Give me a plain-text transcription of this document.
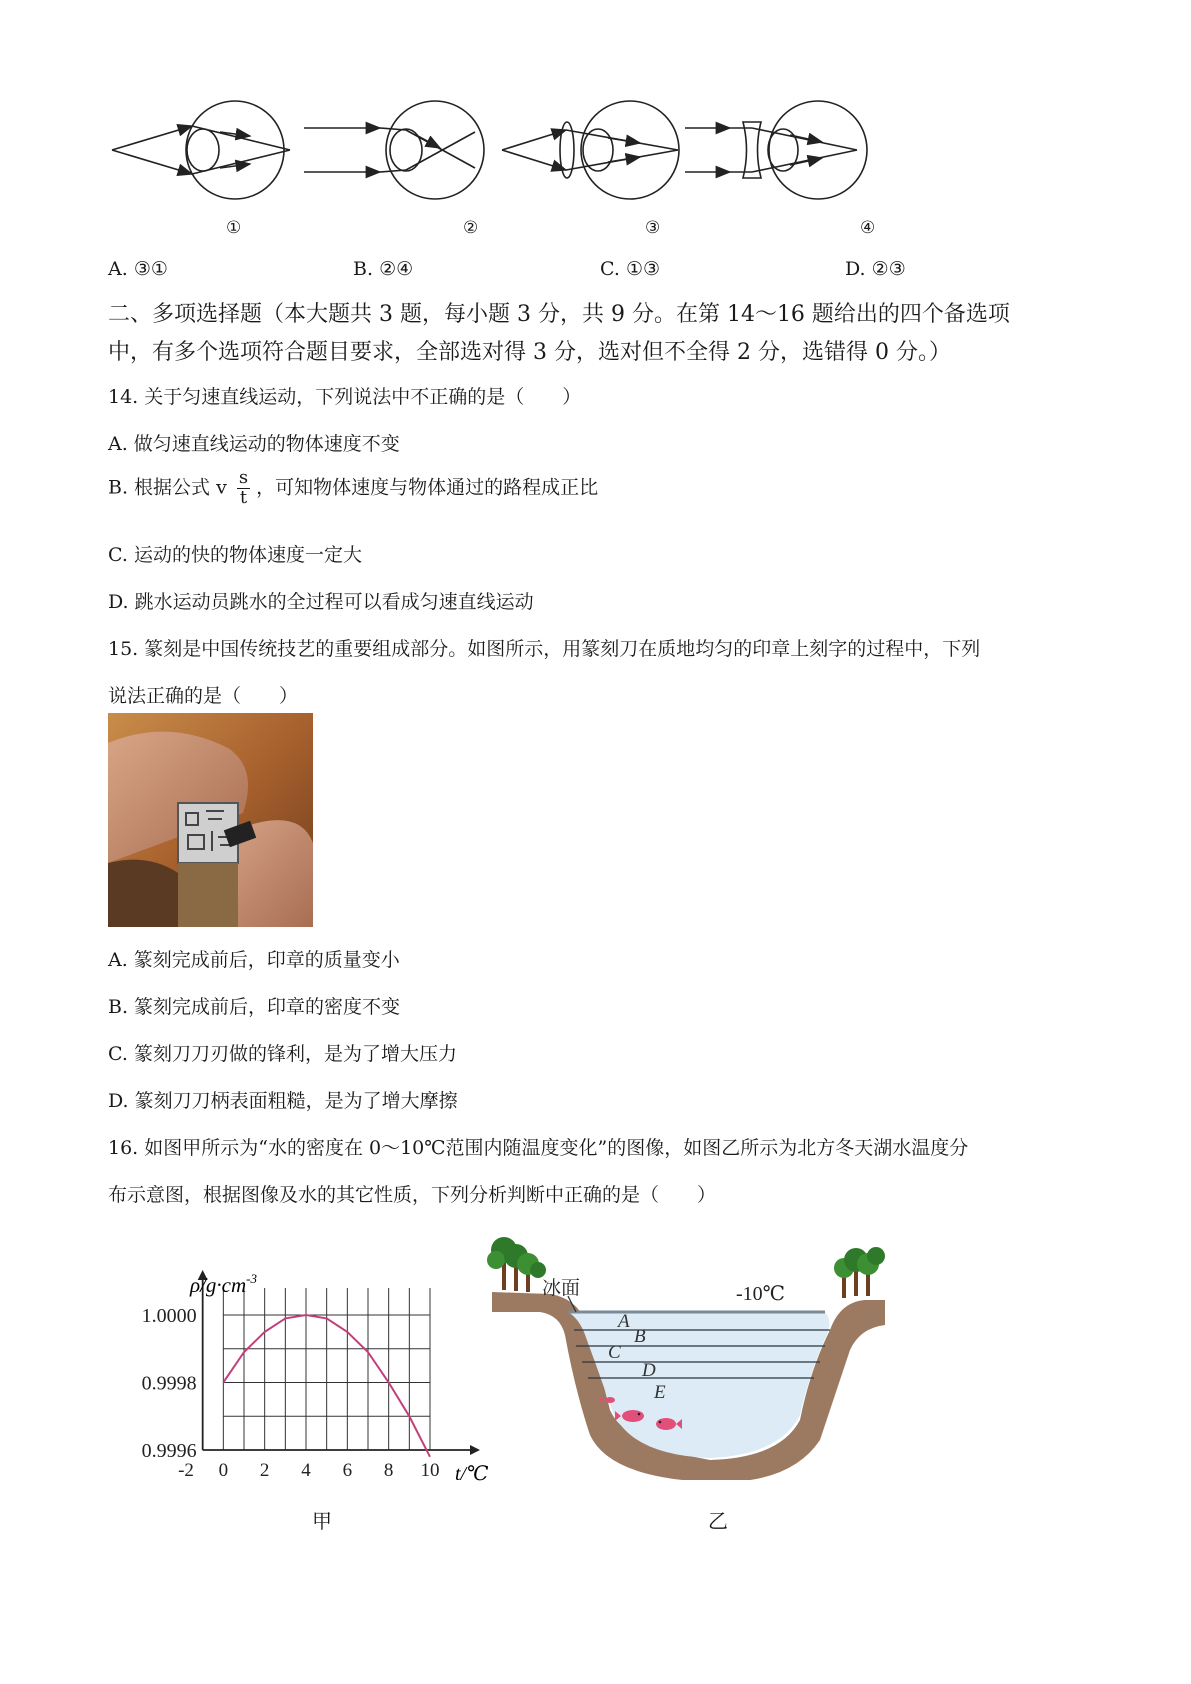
①	②	③	④
A. ③①	B. ②④	C. ①③	D. ②③
二、多项选择题（本大题共 3 题，每小题 3 分，共 9 分。在第 14～16 题给出的四个备选项
中，有多个选项符合题目要求，全部选对得 3 分，选对但不全得 2 分，选错得 0 分。）
14. 关于匀速直线运动，下列说法中不正确的是（　　）
A. 做匀速直线运动的物体速度不变
B. 根据公式 v $\frac{s}{t}$ ，可知物体速度与物体通过的路程成正比
C. 运动的快的物体速度一定大
D. 跳水运动员跳水的全过程可以看成匀速直线运动
15. 篆刻是中国传统技艺的重要组成部分。如图所示，用篆刻刀在质地均匀的印章上刻字的过程中，下列
说法正确的是（　　）
A. 篆刻完成前后，印章的质量变小
B. 篆刻完成前后，印章的密度不变
C. 篆刻刀刀刃做的锋利，是为了增大压力
D. 篆刻刀刀柄表面粗糙，是为了增大摩擦
16. 如图甲所示为“水的密度在 0～10℃范围内随温度变化”的图像，如图乙所示为北方冬天湖水温度分
布示意图，根据图像及水的其它性质，下列分析判断中正确的是（　　）
-2 0 2 4 6 8 10
1.0000
0.9998
0.9996
$\rho/g\cdot cm^{-3}$
t/℃
甲
冰面	-10℃
A
B
C
D
E
乙
